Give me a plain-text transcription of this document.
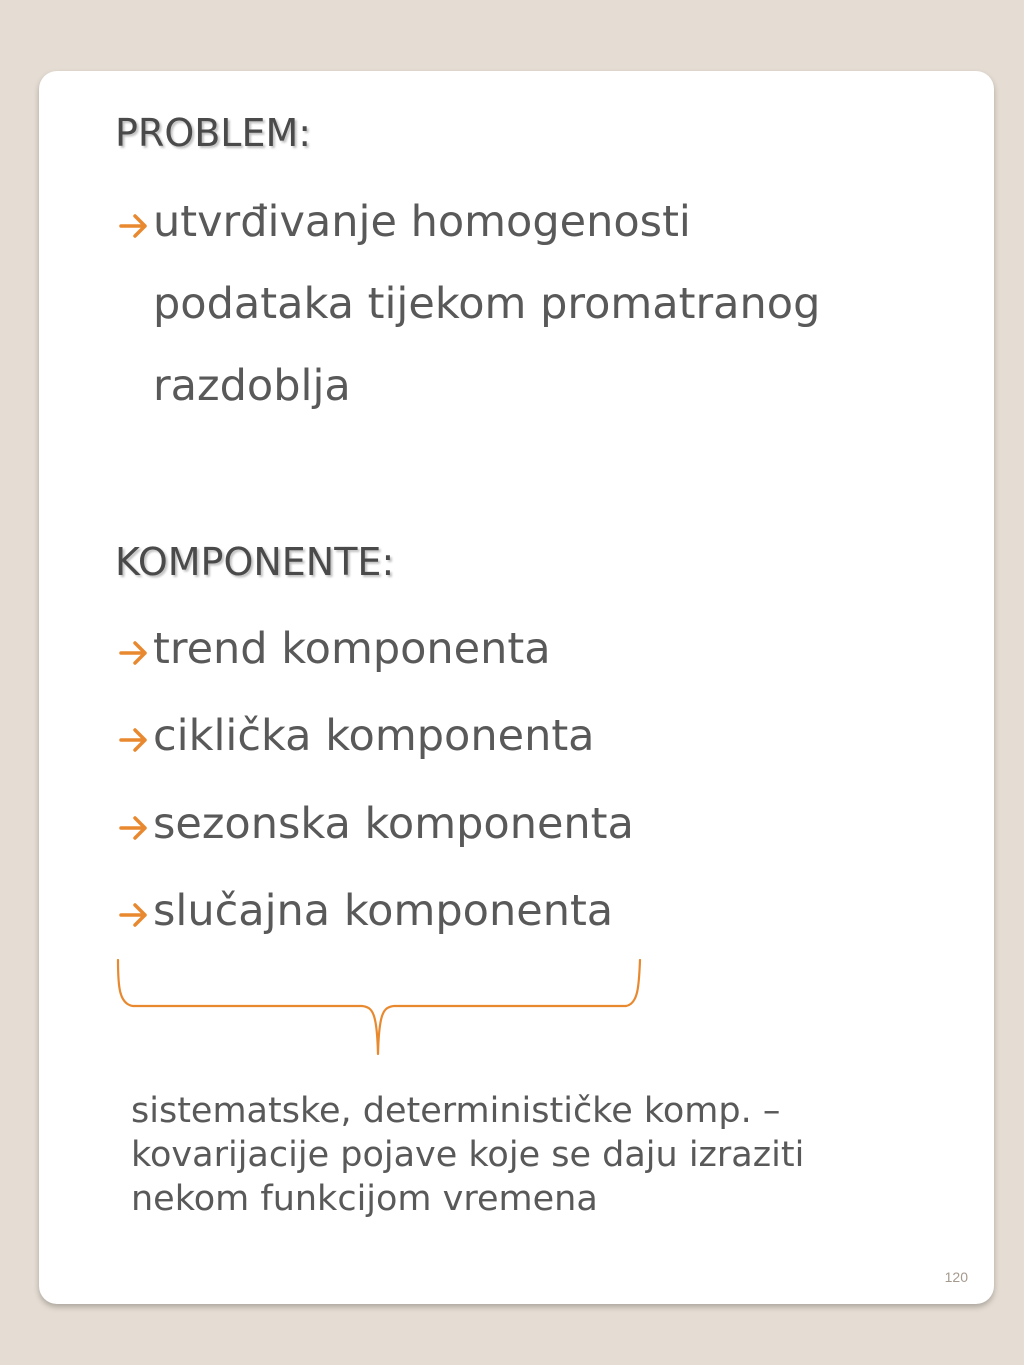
PROBLEM:
utvrđivanje homogenosti
podataka tijekom promatranog
razdoblja
KOMPONENTE:
trend komponenta
ciklička komponenta
sezonska komponenta
slučajna komponenta
sistematske, determinističke komp. –
kovarijacije pojave koje se daju izraziti
nekom funkcijom vremena
120
